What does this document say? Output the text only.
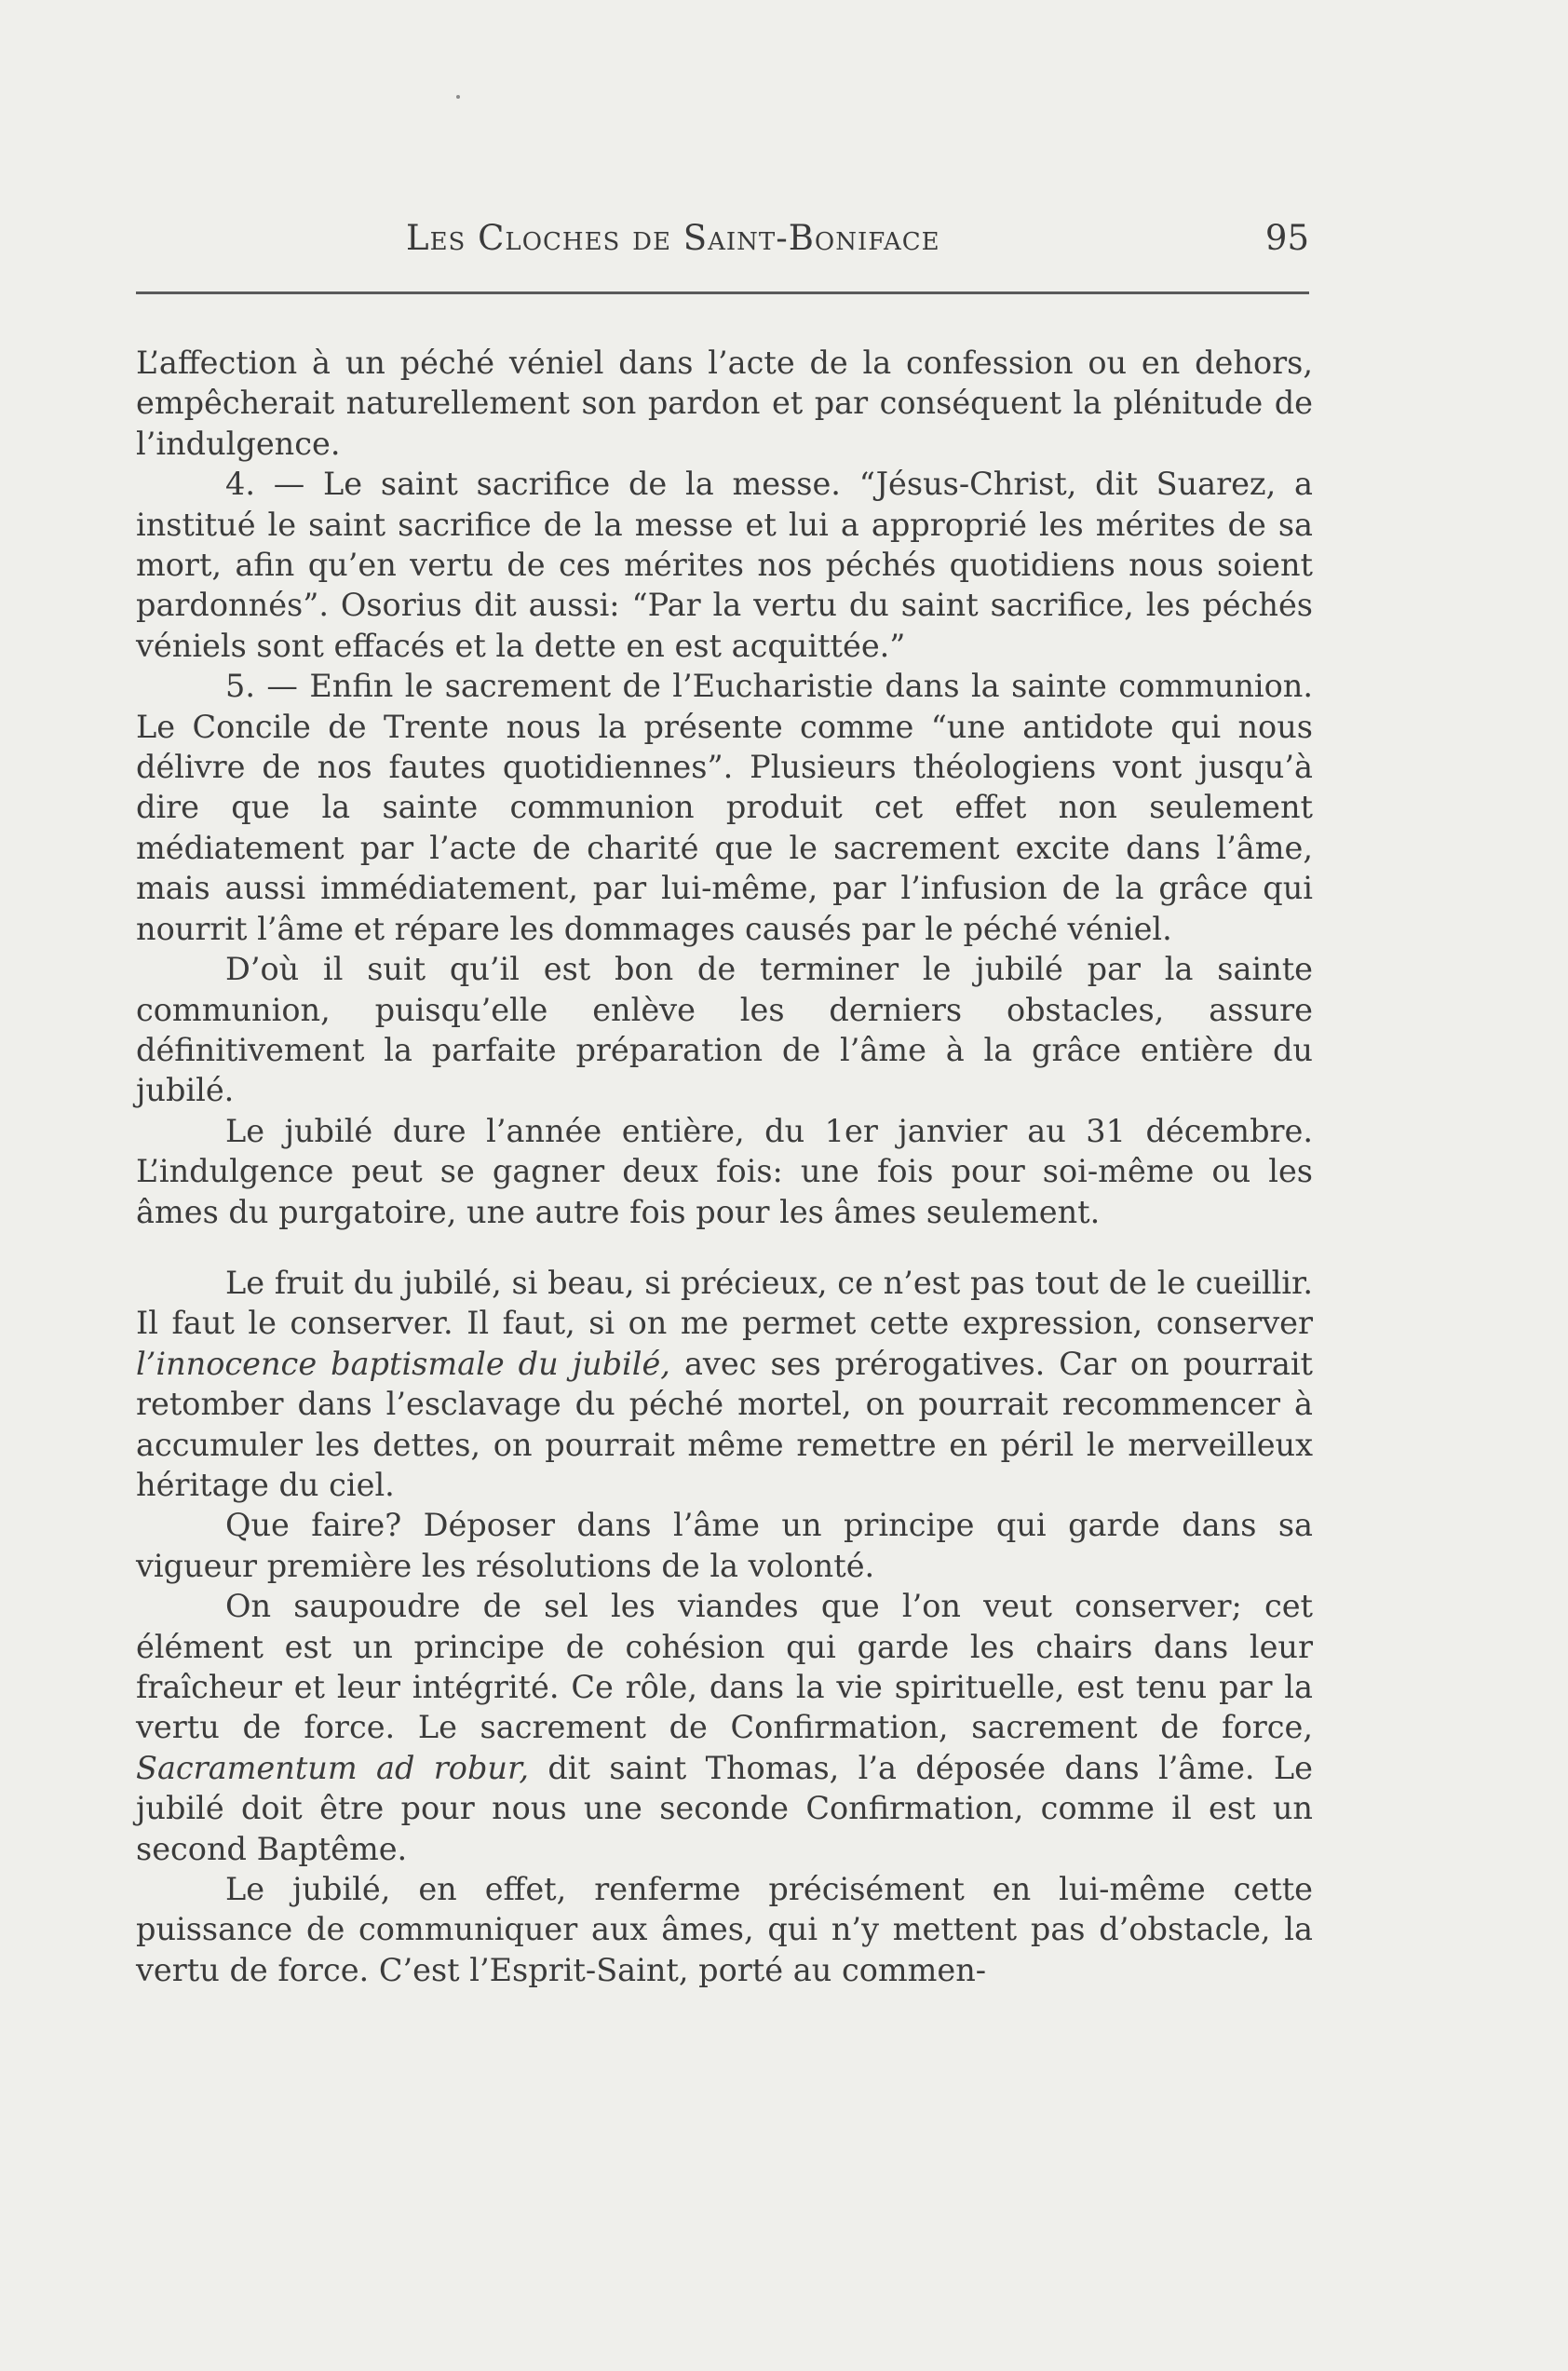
Les Cloches de Saint-Boniface	95

L’affection à un péché véniel dans l’acte de la confession ou en dehors, empêcherait naturellement son pardon et par conséquent la plénitude de l’indulgence.

4. — Le saint sacrifice de la messe. “Jésus-Christ, dit Suarez, a institué le saint sacrifice de la messe et lui a approprié les mérites de sa mort, afin qu’en vertu de ces mérites nos péchés quotidiens nous soient pardonnés”. Osorius dit aussi: “Par la vertu du saint sacrifice, les péchés véniels sont effacés et la dette en est acquittée.”

5. — Enfin le sacrement de l’Eucharistie dans la sainte communion. Le Concile de Trente nous la présente comme “une antidote qui nous délivre de nos fautes quotidiennes”. Plusieurs théologiens vont jusqu’à dire que la sainte communion produit cet effet non seulement médiatement par l’acte de charité que le sacrement excite dans l’âme, mais aussi immédiatement, par lui-même, par l’infusion de la grâce qui nourrit l’âme et répare les dommages causés par le péché véniel.

D’où il suit qu’il est bon de terminer le jubilé par la sainte communion, puisqu’elle enlève les derniers obstacles, assure définitivement la parfaite préparation de l’âme à la grâce entière du jubilé.

Le jubilé dure l’année entière, du 1er janvier au 31 décembre. L’indulgence peut se gagner deux fois: une fois pour soi-même ou les âmes du purgatoire, une autre fois pour les âmes seulement.

Le fruit du jubilé, si beau, si précieux, ce n’est pas tout de le cueillir. Il faut le conserver. Il faut, si on me permet cette expression, conserver l’innocence baptismale du jubilé, avec ses prérogatives. Car on pourrait retomber dans l’esclavage du péché mortel, on pourrait recommencer à accumuler les dettes, on pourrait même remettre en péril le merveilleux héritage du ciel.

Que faire? Déposer dans l’âme un principe qui garde dans sa vigueur première les résolutions de la volonté.

On saupoudre de sel les viandes que l’on veut conserver; cet élément est un principe de cohésion qui garde les chairs dans leur fraîcheur et leur intégrité. Ce rôle, dans la vie spirituelle, est tenu par la vertu de force. Le sacrement de Confirmation, sacrement de force, Sacramentum ad robur, dit saint Thomas, l’a déposée dans l’âme. Le jubilé doit être pour nous une seconde Confirmation, comme il est un second Baptême.

Le jubilé, en effet, renferme précisément en lui-même cette puissance de communiquer aux âmes, qui n’y mettent pas d’obstacle, la vertu de force. C’est l’Esprit-Saint, porté au commen-
